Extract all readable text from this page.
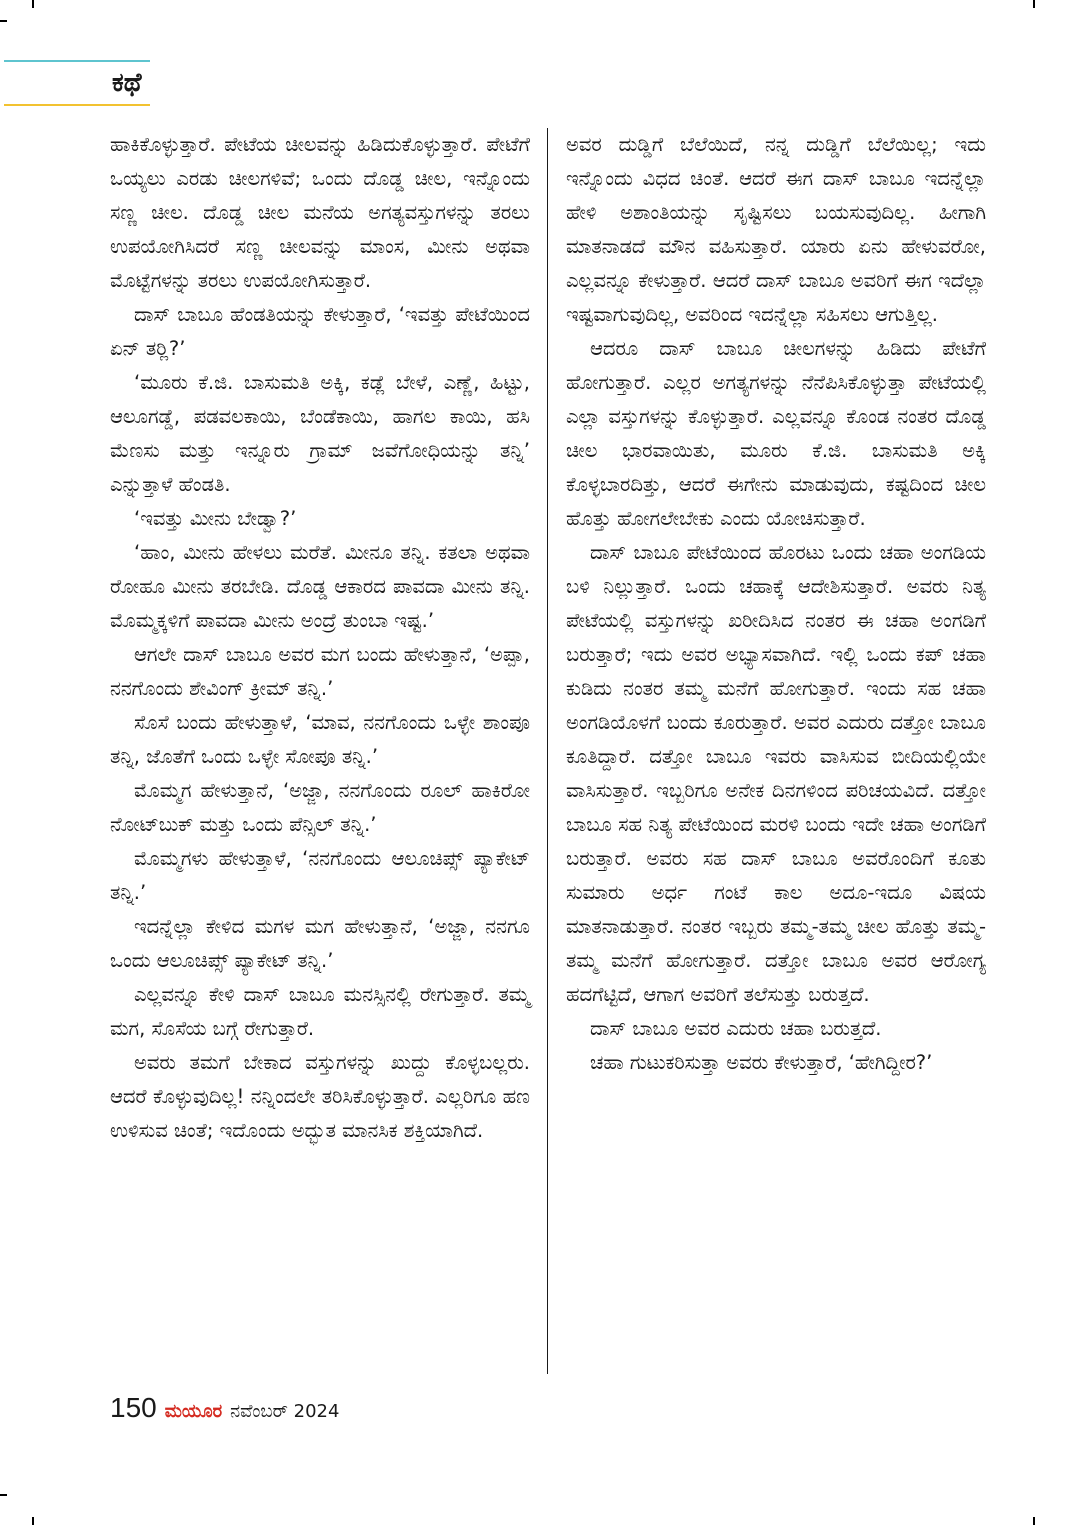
ಕಥೆ

ಹಾಕಿಕೊಳ್ಳುತ್ತಾರೆ. ಪೇಟೆಯ ಚೀಲವನ್ನು ಹಿಡಿದುಕೊಳ್ಳುತ್ತಾರೆ. ಪೇಟೆಗೆ ಒಯ್ಯಲು ಎರಡು ಚೀಲಗಳಿವೆ; ಒಂದು ದೊಡ್ಡ ಚೀಲ, ಇನ್ನೊಂದು ಸಣ್ಣ ಚೀಲ. ದೊಡ್ಡ ಚೀಲ ಮನೆಯ ಅಗತ್ಯವಸ್ತುಗಳನ್ನು ತರಲು ಉಪಯೋಗಿಸಿದರೆ ಸಣ್ಣ ಚೀಲವನ್ನು ಮಾಂಸ, ಮೀನು ಅಥವಾ ಮೊಟ್ಟೆಗಳನ್ನು ತರಲು ಉಪಯೋಗಿಸುತ್ತಾರೆ.

ದಾಸ್ ಬಾಬೂ ಹೆಂಡತಿಯನ್ನು ಕೇಳುತ್ತಾರೆ, ‘ಇವತ್ತು ಪೇಟೆಯಿಂದ ಏನ್ ತರ್‍ಲಿ?’

‘ಮೂರು ಕೆ.ಜಿ. ಬಾಸುಮತಿ ಅಕ್ಕಿ, ಕಡ್ಲೆ ಬೇಳೆ, ಎಣ್ಣೆ, ಹಿಟ್ಟು, ಆಲೂಗಡ್ಡೆ, ಪಡವಲಕಾಯಿ, ಬೆಂಡೆಕಾಯಿ, ಹಾಗಲ ಕಾಯಿ, ಹಸಿ ಮೆಣಸು ಮತ್ತು ಇನ್ನೂರು ಗ್ರಾಮ್ ಜವೆಗೋಧಿಯನ್ನು ತನ್ನಿ’ ಎನ್ನುತ್ತಾಳೆ ಹೆಂಡತಿ.

‘ಇವತ್ತು ಮೀನು ಬೇಡ್ವಾ?’

‘ಹಾಂ, ಮೀನು ಹೇಳಲು ಮರೆತೆ. ಮೀನೂ ತನ್ನಿ. ಕತಲಾ ಅಥವಾ ರೋಹೂ ಮೀನು ತರಬೇಡಿ. ದೊಡ್ಡ ಆಕಾರದ ಪಾವದಾ ಮೀನು ತನ್ನಿ. ಮೊಮ್ಮಕ್ಕಳಿಗೆ ಪಾವದಾ ಮೀನು ಅಂದ್ರೆ ತುಂಬಾ ಇಷ್ಟ.’

ಆಗಲೇ ದಾಸ್ ಬಾಬೂ ಅವರ ಮಗ ಬಂದು ಹೇಳುತ್ತಾನೆ, ‘ಅಪ್ಪಾ, ನನಗೊಂದು ಶೇವಿಂಗ್ ಕ್ರೀಮ್ ತನ್ನಿ.’

ಸೊಸೆ ಬಂದು ಹೇಳುತ್ತಾಳೆ, ‘ಮಾವ, ನನಗೊಂದು ಒಳ್ಳೇ ಶಾಂಪೂ ತನ್ನಿ, ಜೊತೆಗೆ ಒಂದು ಒಳ್ಳೇ ಸೋಪೂ ತನ್ನಿ.’

ಮೊಮ್ಮಗ ಹೇಳುತ್ತಾನೆ, ‘ಅಜ್ಜಾ, ನನಗೊಂದು ರೂಲ್ ಹಾಕಿರೋ ನೋಟ್‌ಬುಕ್ ಮತ್ತು ಒಂದು ಪೆನ್ಸಿಲ್ ತನ್ನಿ.’

ಮೊಮ್ಮಗಳು ಹೇಳುತ್ತಾಳೆ, ‘ನನಗೊಂದು ಆಲೂಚಿಪ್ಸ್ ಪ್ಯಾಕೇಟ್ ತನ್ನಿ.’

ಇದನ್ನೆಲ್ಲಾ ಕೇಳಿದ ಮಗಳ ಮಗ ಹೇಳುತ್ತಾನೆ, ‘ಅಜ್ಜಾ, ನನಗೂ ಒಂದು ಆಲೂಚಿಪ್ಸ್ ಪ್ಯಾಕೇಟ್ ತನ್ನಿ.’

ಎಲ್ಲವನ್ನೂ ಕೇಳಿ ದಾಸ್ ಬಾಬೂ ಮನಸ್ಸಿನಲ್ಲಿ ರೇಗುತ್ತಾರೆ. ತಮ್ಮ ಮಗ, ಸೊಸೆಯ ಬಗ್ಗೆ ರೇಗುತ್ತಾರೆ.

ಅವರು ತಮಗೆ ಬೇಕಾದ ವಸ್ತುಗಳನ್ನು ಖುದ್ದು ಕೊಳ್ಳಬಲ್ಲರು. ಆದರೆ ಕೊಳ್ಳುವುದಿಲ್ಲ! ನನ್ನಿಂದಲೇ ತರಿಸಿಕೊಳ್ಳುತ್ತಾರೆ. ಎಲ್ಲರಿಗೂ ಹಣ ಉಳಿಸುವ ಚಿಂತೆ; ಇದೊಂದು ಅದ್ಭುತ ಮಾನಸಿಕ ಶಕ್ತಿಯಾಗಿದೆ.

ಅವರ ದುಡ್ಡಿಗೆ ಬೆಲೆಯಿದೆ, ನನ್ನ ದುಡ್ಡಿಗೆ ಬೆಲೆಯಿಲ್ಲ; ಇದು ಇನ್ನೊಂದು ವಿಧದ ಚಿಂತೆ. ಆದರೆ ಈಗ ದಾಸ್ ಬಾಬೂ ಇದನ್ನೆಲ್ಲಾ ಹೇಳಿ ಅಶಾಂತಿಯನ್ನು ಸೃಷ್ಟಿಸಲು ಬಯಸುವುದಿಲ್ಲ. ಹೀಗಾಗಿ ಮಾತನಾಡದೆ ಮೌನ ವಹಿಸುತ್ತಾರೆ. ಯಾರು ಏನು ಹೇಳುವರೋ, ಎಲ್ಲವನ್ನೂ ಕೇಳುತ್ತಾರೆ. ಆದರೆ ದಾಸ್ ಬಾಬೂ ಅವರಿಗೆ ಈಗ ಇದೆಲ್ಲಾ ಇಷ್ಟವಾಗುವುದಿಲ್ಲ, ಅವರಿಂದ ಇದನ್ನೆಲ್ಲಾ ಸಹಿಸಲು ಆಗುತ್ತಿಲ್ಲ.

ಆದರೂ ದಾಸ್ ಬಾಬೂ ಚೀಲಗಳನ್ನು ಹಿಡಿದು ಪೇಟೆಗೆ ಹೋಗುತ್ತಾರೆ. ಎಲ್ಲರ ಅಗತ್ಯಗಳನ್ನು ನೆನೆಪಿಸಿಕೊಳ್ಳುತ್ತಾ ಪೇಟೆಯಲ್ಲಿ ಎಲ್ಲಾ ವಸ್ತುಗಳನ್ನು ಕೊಳ್ಳುತ್ತಾರೆ. ಎಲ್ಲವನ್ನೂ ಕೊಂಡ ನಂತರ ದೊಡ್ಡ ಚೀಲ ಭಾರವಾಯಿತು, ಮೂರು ಕೆ.ಜಿ. ಬಾಸುಮತಿ ಅಕ್ಕಿ ಕೊಳ್ಳಬಾರದಿತ್ತು, ಆದರೆ ಈಗೇನು ಮಾಡುವುದು, ಕಷ್ಟದಿಂದ ಚೀಲ ಹೊತ್ತು ಹೋಗಲೇಬೇಕು ಎಂದು ಯೋಚಿಸುತ್ತಾರೆ.

ದಾಸ್ ಬಾಬೂ ಪೇಟೆಯಿಂದ ಹೊರಟು ಒಂದು ಚಹಾ ಅಂಗಡಿಯ ಬಳಿ ನಿಲ್ಲುತ್ತಾರೆ. ಒಂದು ಚಹಾಕ್ಕೆ ಆದೇಶಿಸುತ್ತಾರೆ. ಅವರು ನಿತ್ಯ ಪೇಟೆಯಲ್ಲಿ ವಸ್ತುಗಳನ್ನು ಖರೀದಿಸಿದ ನಂತರ ಈ ಚಹಾ ಅಂಗಡಿಗೆ ಬರುತ್ತಾರೆ; ಇದು ಅವರ ಅಭ್ಯಾಸವಾಗಿದೆ. ಇಲ್ಲಿ ಒಂದು ಕಪ್ ಚಹಾ ಕುಡಿದು ನಂತರ ತಮ್ಮ ಮನೆಗೆ ಹೋಗುತ್ತಾರೆ. ಇಂದು ಸಹ ಚಹಾ ಅಂಗಡಿಯೊಳಗೆ ಬಂದು ಕೂರುತ್ತಾರೆ. ಅವರ ಎದುರು ದತ್ತೋ ಬಾಬೂ ಕೂತಿದ್ದಾರೆ. ದತ್ತೋ ಬಾಬೂ ಇವರು ವಾಸಿಸುವ ಬೀದಿಯಲ್ಲಿಯೇ ವಾಸಿಸುತ್ತಾರೆ. ಇಬ್ಬರಿಗೂ ಅನೇಕ ದಿನಗಳಿಂದ ಪರಿಚಯವಿದೆ. ದತ್ತೋ ಬಾಬೂ ಸಹ ನಿತ್ಯ ಪೇಟೆಯಿಂದ ಮರಳಿ ಬಂದು ಇದೇ ಚಹಾ ಅಂಗಡಿಗೆ ಬರುತ್ತಾರೆ. ಅವರು ಸಹ ದಾಸ್ ಬಾಬೂ ಅವರೊಂದಿಗೆ ಕೂತು ಸುಮಾರು ಅರ್ಧ ಗಂಟೆ ಕಾಲ ಅದೂ-ಇದೂ ವಿಷಯ ಮಾತನಾಡುತ್ತಾರೆ. ನಂತರ ಇಬ್ಬರು ತಮ್ಮ-ತಮ್ಮ ಚೀಲ ಹೊತ್ತು ತಮ್ಮ-ತಮ್ಮ ಮನೆಗೆ ಹೋಗುತ್ತಾರೆ. ದತ್ತೋ ಬಾಬೂ ಅವರ ಆರೋಗ್ಯ ಹದಗೆಟ್ಟಿದೆ, ಆಗಾಗ ಅವರಿಗೆ ತಲೆಸುತ್ತು ಬರುತ್ತದೆ.

ದಾಸ್ ಬಾಬೂ ಅವರ ಎದುರು ಚಹಾ ಬರುತ್ತದೆ.

ಚಹಾ ಗುಟುಕರಿಸುತ್ತಾ ಅವರು ಕೇಳುತ್ತಾರೆ, ‘ಹೇಗಿದ್ದೀರ?’

150 ಮಯೂರ ನವೆಂಬರ್ 2024
